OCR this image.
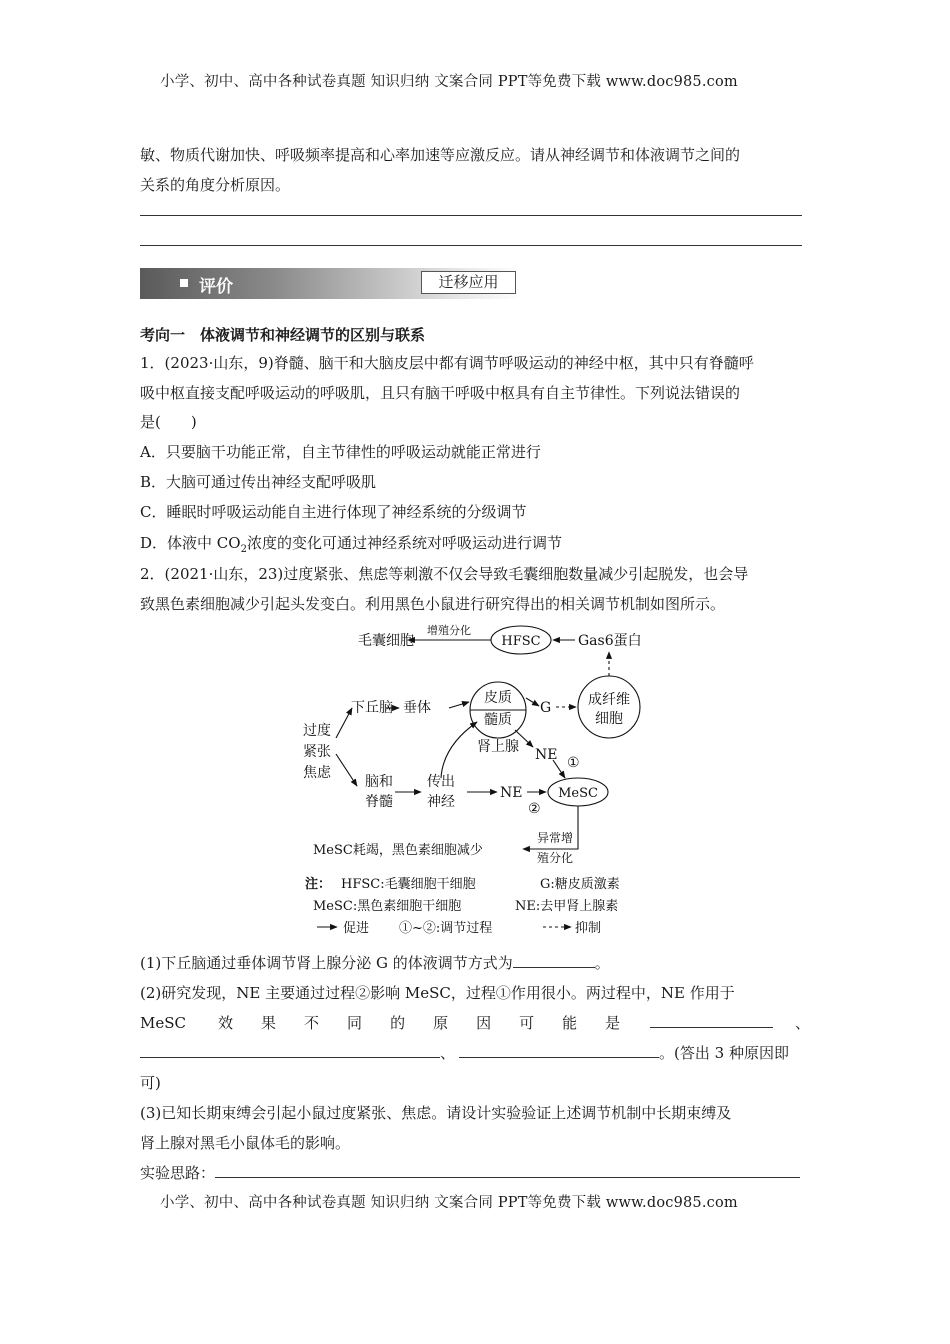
小学、初中、高中各种试卷真题 知识归纳 文案合同 PPT等免费下载 www.doc985.com
敏、物质代谢加快、呼吸频率提高和心率加速等应激反应。请从神经调节和体液调节之间的
关系的角度分析原因。
评价	迁移应用
考向一　体液调节和神经调节的区别与联系
1．(2023·山东，9)脊髓、脑干和大脑皮层中都有调节呼吸运动的神经中枢，其中只有脊髓呼
吸中枢直接支配呼吸运动的呼吸肌，且只有脑干呼吸中枢具有自主节律性。下列说法错误的
是(　　)
A．只要脑干功能正常，自主节律性的呼吸运动就能正常进行
B．大脑可通过传出神经支配呼吸肌
C．睡眠时呼吸运动能自主进行体现了神经系统的分级调节
D．体液中 $CO_2$浓度的变化可通过神经系统对呼吸运动进行调节
2．(2021·山东，23)过度紧张、焦虑等刺激不仅会导致毛囊细胞数量减少引起脱发，也会导
致黑色素细胞减少引起头发变白。利用黑色小鼠进行研究得出的相关调节机制如图所示。
毛囊细胞
增殖分化
HFSC	Gas6蛋白
过度
紧张
焦虑
下丘脑 垂体
皮质
髓质
肾上腺
G	成纤维
细胞
NE ①
脑和
脊髓
传出
神经
NE
②
MeSC
异常增
殖分化
MeSC耗竭，黑色素细胞减少
注： HFSC:毛囊细胞干细胞	G:糖皮质激素
MeSC:黑色素细胞干细胞	NE:去甲肾上腺素
促进 ①~②:调节过程	抑制
(1)下丘脑通过垂体调节肾上腺分泌 G 的体液调节方式为	。
(2)研究发现，NE 主要通过过程②影响 MeSC，过程①作用很小。两过程中，NE 作用于
MeSC 效 果 不 同 的 原 因 可 能 是	、
、	。(答出 3 种原因即
可)
(3)已知长期束缚会引起小鼠过度紧张、焦虑。请设计实验验证上述调节机制中长期束缚及
肾上腺对黑毛小鼠体毛的影响。
实验思路：
小学、初中、高中各种试卷真题 知识归纳 文案合同 PPT等免费下载 www.doc985.com
